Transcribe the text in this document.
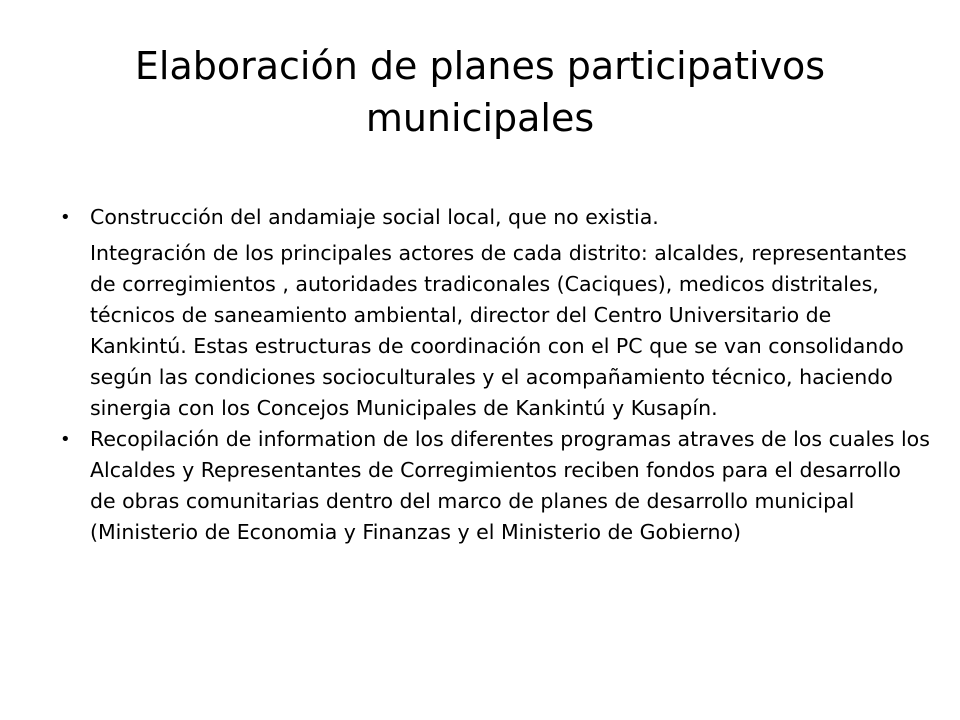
Elaboración de planes participativos municipales
• Construcción del andamiaje social local, que no existia.
Integración de los principales actores de cada distrito: alcaldes, representantes de corregimientos , autoridades tradiconales (Caciques), medicos distritales, técnicos de saneamiento ambiental, director del Centro Universitario de Kankintú. Estas estructuras de coordinación con el PC que se van consolidando según las condiciones socioculturales y el acompañamiento técnico, haciendo sinergia con los Concejos Municipales de Kankintú y Kusapín.
• Recopilación de information de los diferentes programas atraves de los cuales los Alcaldes y Representantes de Corregimientos reciben fondos para el desarrollo de obras comunitarias dentro del marco de planes de desarrollo municipal (Ministerio de Economia y Finanzas y el Ministerio de Gobierno)
